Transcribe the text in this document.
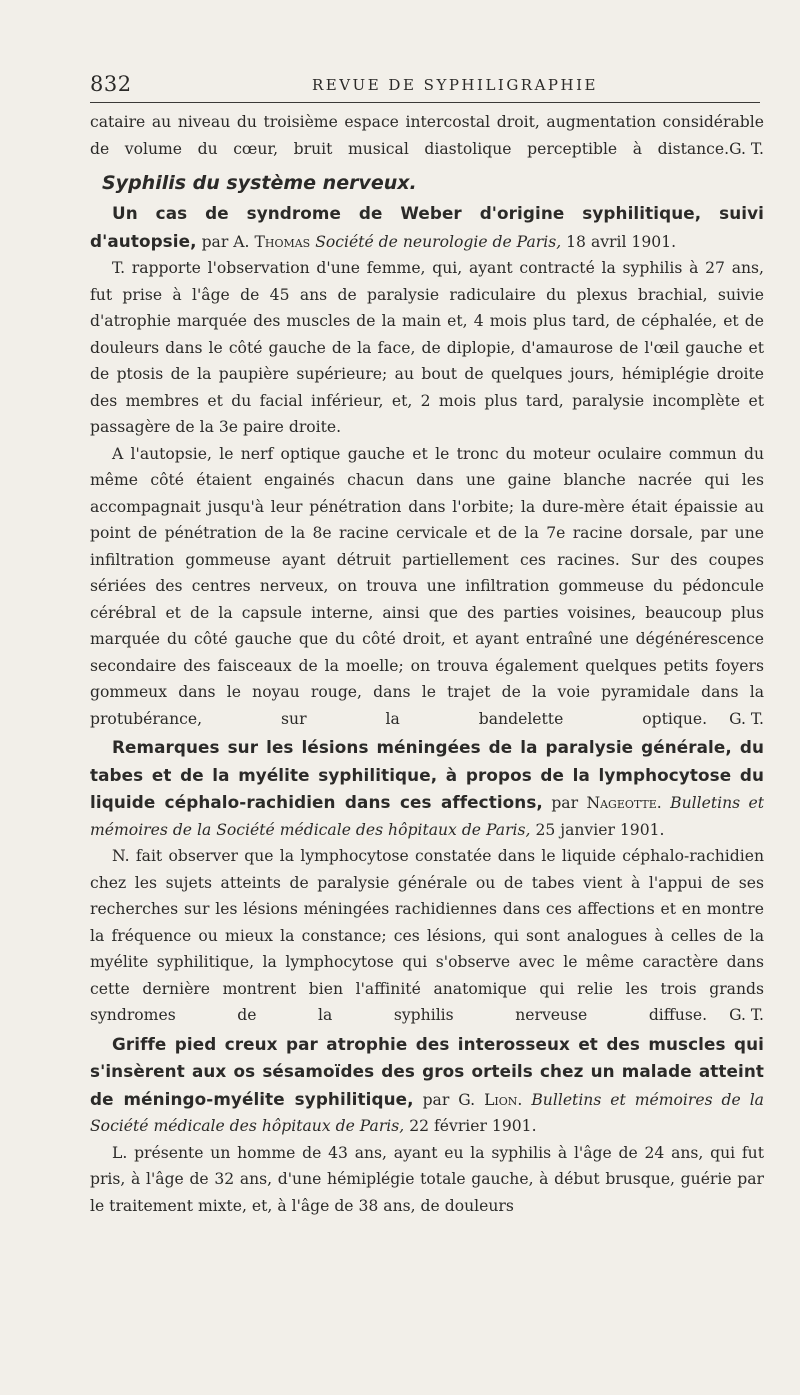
832	REVUE DE SYPHILIGRAPHIE

cataire au niveau du troisième espace intercostal droit, augmentation considérable de volume du cœur, bruit musical diastolique perceptible à distance. G. T.

Syphilis du système nerveux.

Un cas de syndrome de Weber d'origine syphilitique, suivi d'autopsie, par A. Thomas Société de neurologie de Paris, 18 avril 1901.

T. rapporte l'observation d'une femme, qui, ayant contracté la syphilis à 27 ans, fut prise à l'âge de 45 ans de paralysie radiculaire du plexus brachial, suivie d'atrophie marquée des muscles de la main et, 4 mois plus tard, de céphalée, et de douleurs dans le côté gauche de la face, de diplopie, d'amaurose de l'œil gauche et de ptosis de la paupière supérieure; au bout de quelques jours, hémiplégie droite des membres et du facial inférieur, et, 2 mois plus tard, paralysie incomplète et passagère de la 3e paire droite.

A l'autopsie, le nerf optique gauche et le tronc du moteur oculaire commun du même côté étaient engainés chacun dans une gaine blanche nacrée qui les accompagnait jusqu'à leur pénétration dans l'orbite; la dure-mère était épaissie au point de pénétration de la 8e racine cervicale et de la 7e racine dorsale, par une infiltration gommeuse ayant détruit partiellement ces racines. Sur des coupes sériées des centres nerveux, on trouva une infiltration gommeuse du pédoncule cérébral et de la capsule interne, ainsi que des parties voisines, beaucoup plus marquée du côté gauche que du côté droit, et ayant entraîné une dégénérescence secondaire des faisceaux de la moelle; on trouva également quelques petits foyers gommeux dans le noyau rouge, dans le trajet de la voie pyramidale dans la protubérance, sur la bandelette optique.	G. T.

Remarques sur les lésions méningées de la paralysie générale, du tabes et de la myélite syphilitique, à propos de la lymphocytose du liquide céphalo-rachidien dans ces affections, par Nageotte. Bulletins et mémoires de la Société médicale des hôpitaux de Paris, 25 janvier 1901.

N. fait observer que la lymphocytose constatée dans le liquide céphalo-rachidien chez les sujets atteints de paralysie générale ou de tabes vient à l'appui de ses recherches sur les lésions méningées rachidiennes dans ces affections et en montre la fréquence ou mieux la constance; ces lésions, qui sont analogues à celles de la myélite syphilitique, la lymphocytose qui s'observe avec le même caractère dans cette dernière montrent bien l'affinité anatomique qui relie les trois grands syndromes de la syphilis nerveuse diffuse.	G. T.

Griffe pied creux par atrophie des interosseux et des muscles qui s'insèrent aux os sésamoïdes des gros orteils chez un malade atteint de méningo-myélite syphilitique, par G. Lion. Bulletins et mémoires de la Société médicale des hôpitaux de Paris, 22 février 1901.

L. présente un homme de 43 ans, ayant eu la syphilis à l'âge de 24 ans, qui fut pris, à l'âge de 32 ans, d'une hémiplégie totale gauche, à début brusque, guérie par le traitement mixte, et, à l'âge de 38 ans, de douleurs
